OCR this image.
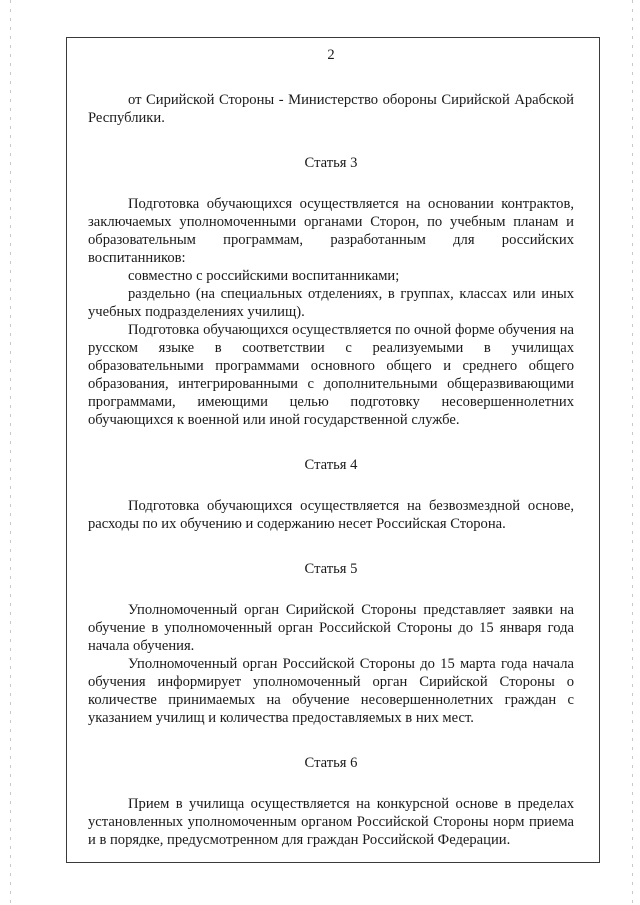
2

от Сирийской Стороны - Министерство обороны Сирийской Арабской Республики.

Статья 3

Подготовка обучающихся осуществляется на основании контрактов, заключаемых уполномоченными органами Сторон, по учебным планам и образовательным программам, разработанным для российских воспитанников:

совместно с российскими воспитанниками;

раздельно (на специальных отделениях, в группах, классах или иных учебных подразделениях училищ).

Подготовка обучающихся осуществляется по очной форме обучения на русском языке в соответствии с реализуемыми в училищах образовательными программами основного общего и среднего общего образования, интегрированными с дополнительными общеразвивающими программами, имеющими целью подготовку несовершеннолетних обучающихся к военной или иной государственной службе.

Статья 4

Подготовка обучающихся осуществляется на безвозмездной основе, расходы по их обучению и содержанию несет Российская Сторона.

Статья 5

Уполномоченный орган Сирийской Стороны представляет заявки на обучение в уполномоченный орган Российской Стороны до 15 января года начала обучения.

Уполномоченный орган Российской Стороны до 15 марта года начала обучения информирует уполномоченный орган Сирийской Стороны о количестве принимаемых на обучение несовершеннолетних граждан с указанием училищ и количества предоставляемых в них мест.

Статья 6

Прием в училища осуществляется на конкурсной основе в пределах установленных уполномоченным органом Российской Стороны норм приема и в порядке, предусмотренном для граждан Российской Федерации.
